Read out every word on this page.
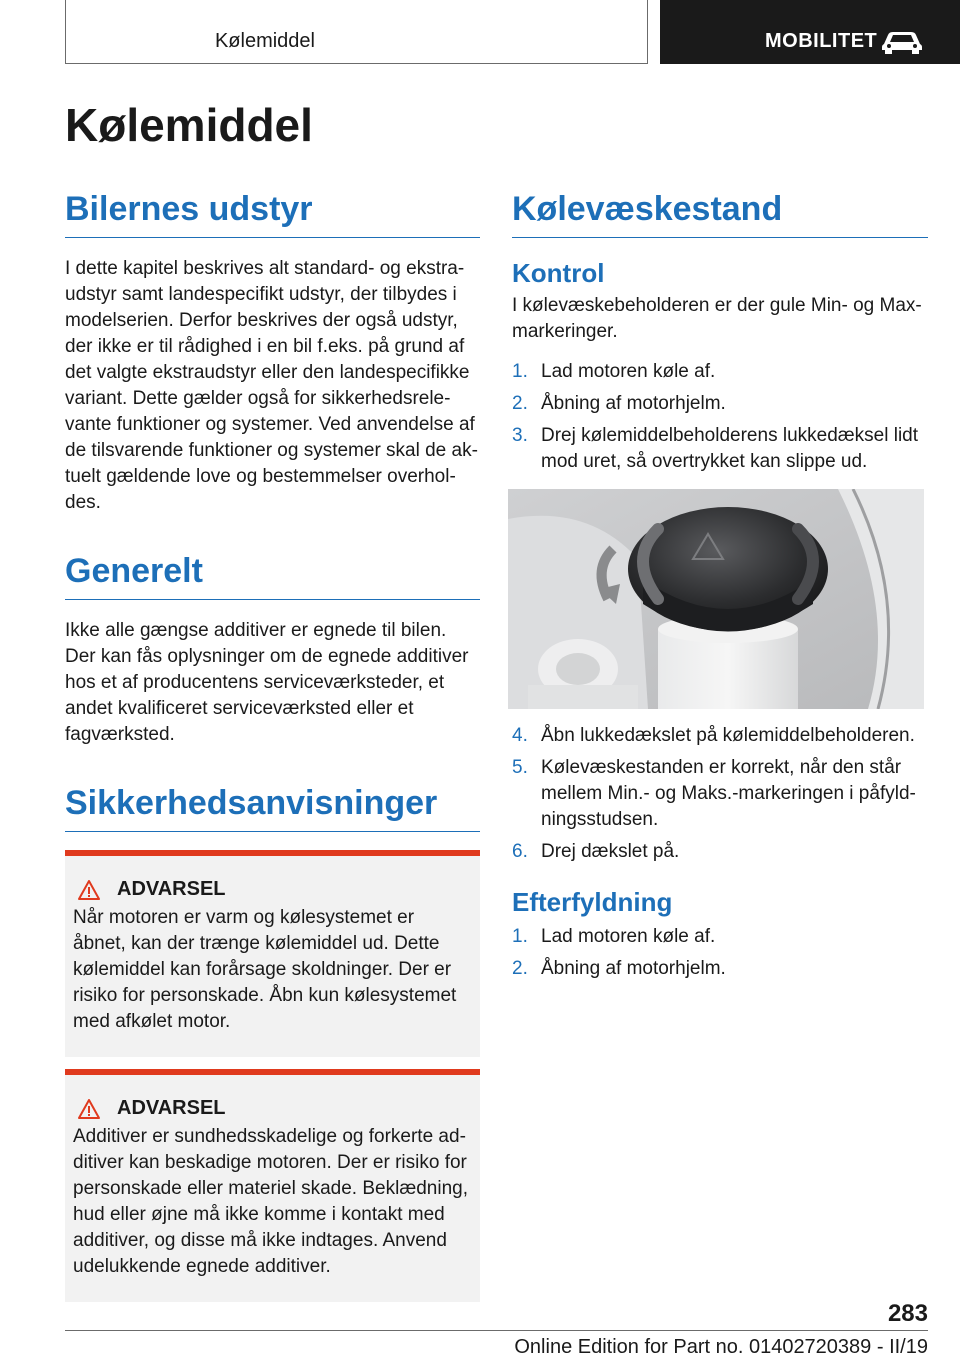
Kølemiddel	MOBILITET
Kølemiddel
Bilernes udstyr

I dette kapitel beskrives alt standard- og ekstraudstyr samt landespecifikt udstyr, der tilbydes i modelserien. Derfor beskrives der også udstyr, der ikke er til rådighed i en bil f.eks. på grund af det valgte ekstraudstyr eller den landespecifikke variant. Dette gælder også for sikkerhedsrelevante funktioner og systemer. Ved anvendelse af de tilsvarende funktioner og systemer skal de aktuelt gældende love og bestemmelser overholdes.

Generelt

Ikke alle gængse additiver er egnede til bilen. Der kan fås oplysninger om de egnede additiver hos et af producentens serviceværksteder, et andet kvalificeret serviceværksted eller et fagværksted.

Sikkerhedsanvisninger
ADVARSEL

Når motoren er varm og kølesystemet er åbnet, kan der trænge kølemiddel ud. Dette kølemiddel kan forårsage skoldninger. Der er risiko for personskade. Åbn kun kølesystemet med afkølet motor.

ADVARSEL

Additiver er sundhedsskadelige og forkerte additiver kan beskadige motoren. Der er risiko for personskade eller materiel skade. Beklædning, hud eller øjne må ikke komme i kontakt med additiver, og disse må ikke indtages. Anvend udelukkende egnede additiver.

Kølevæskestand
Kontrol

I kølevæskebeholderen er der gule Min- og Max-markeringer.

1. Lad motoren køle af.
2. Åbning af motorhjelm.
3. Drej kølemiddelbeholderens lukkedæksel lidt mod uret, så overtrykket kan slippe ud.
4. Åbn lukkedækslet på kølemiddelbeholderen.
5. Kølevæskestanden er korrekt, når den står mellem Min.- og Maks.-markeringen i påfyldningsstudsen.
6. Drej dækslet på.
Efterfyldning
1. Lad motoren køle af.
2. Åbning af motorhjelm.
283
Online Edition for Part no. 01402720389 - II/19
